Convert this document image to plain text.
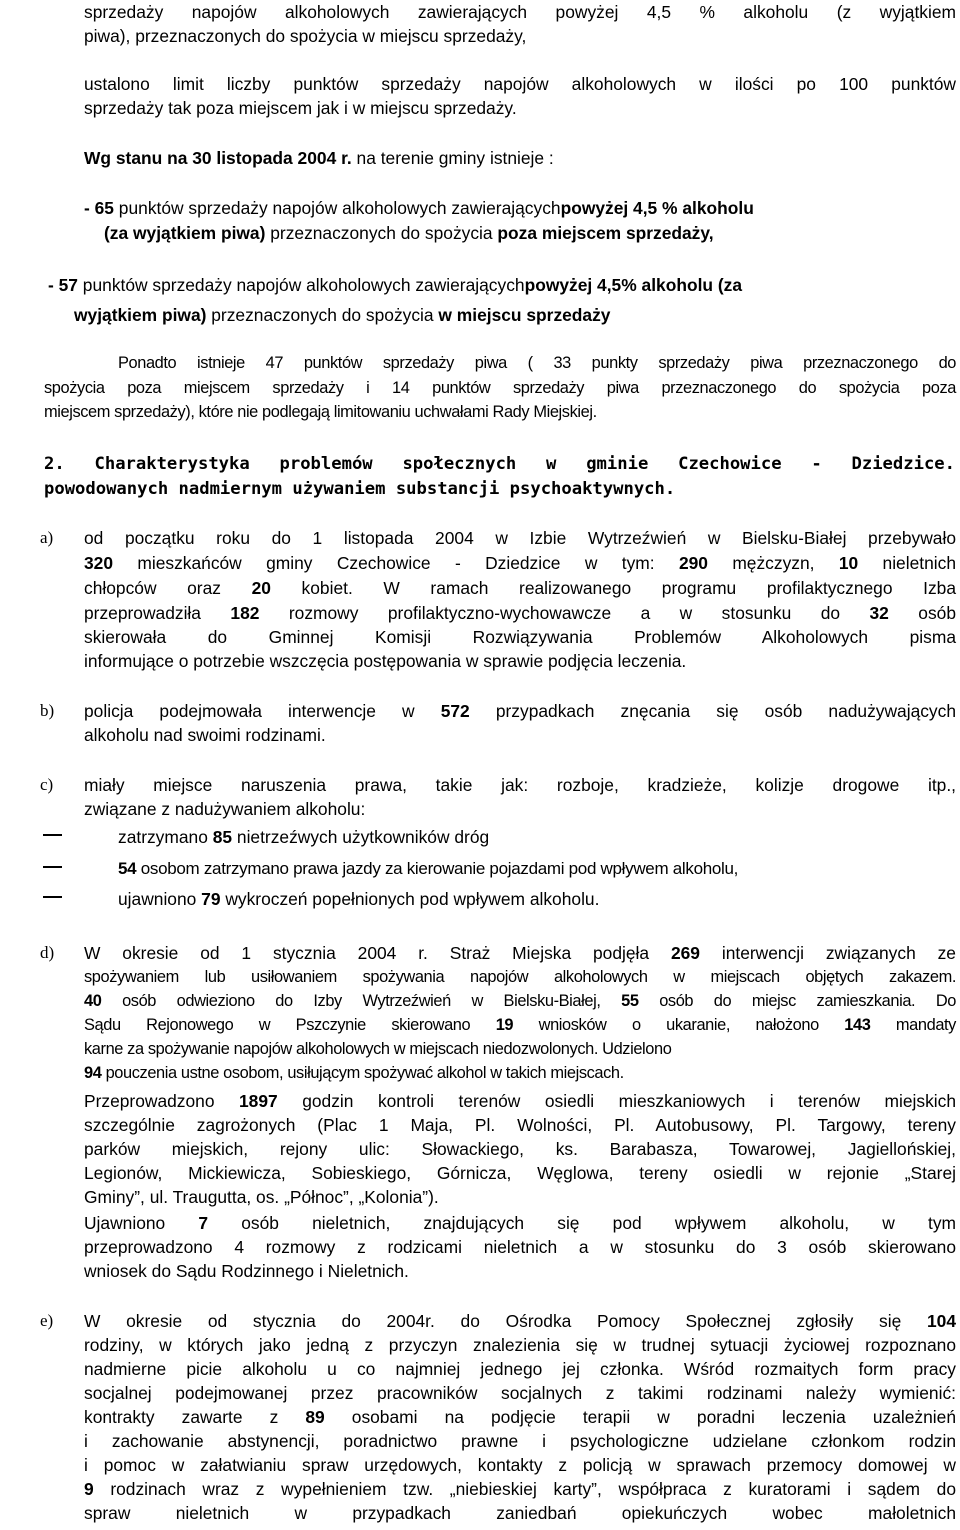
sprzedaży napojów alkoholowych zawierających powyżej 4,5 % alkoholu (z wyjątkiem
piwa), przeznaczonych do spożycia w miejscu sprzedaży,
ustalono limit liczby punktów sprzedaży napojów alkoholowych w ilości po 100 punktów
sprzedaży tak poza miejscem jak i w miejscu sprzedaży.
Wg stanu na 30 listopada 2004 r. na terenie gminy istnieje :
- 65 punktów sprzedaży napojów alkoholowych zawierającychpowyżej 4,5 % alkoholu
(za wyjątkiem piwa) przeznaczonych do spożycia poza miejscem sprzedaży,
- 57 punktów sprzedaży napojów alkoholowych zawierającychpowyżej 4,5% alkoholu (za
wyjątkiem piwa) przeznaczonych do spożycia w miejscu sprzedaży
Ponadto istnieje 47 punktów sprzedaży piwa ( 33 punkty sprzedaży piwa przeznaczonego do
spożycia poza miejscem sprzedaży i 14 punktów sprzedaży piwa przeznaczonego do spożycia poza
miejscem sprzedaży), które nie podlegają limitowaniu uchwałami Rady Miejskiej.
2. Charakterystyka problemów społecznych w gminie Czechowice - Dziedzice.
powodowanych nadmiernym używaniem substancji psychoaktywnych.
a) od początku roku do 1 listopada 2004 w Izbie Wytrzeźwień w Bielsku-Białej przebywało
320 mieszkańców gminy Czechowice - Dziedzice w tym: 290 mężczyzn, 10 nieletnich
chłopców oraz 20 kobiet. W ramach realizowanego programu profilaktycznego Izba
przeprowadziła 182 rozmowy profilaktyczno-wychowawcze a w stosunku do 32 osób
skierowała do Gminnej Komisji Rozwiązywania Problemów Alkoholowych pisma
informujące o potrzebie wszczęcia postępowania w sprawie podjęcia leczenia.
b) policja podejmowała interwencje w 572 przypadkach znęcania się osób nadużywających
alkoholu nad swoimi rodzinami.
c) miały miejsce naruszenia prawa, takie jak: rozboje, kradzieże, kolizje drogowe itp.,
związane z nadużywaniem alkoholu:
zatrzymano 85 nietrzeźwych użytkowników dróg
54 osobom zatrzymano prawa jazdy za kierowanie pojazdami pod wpływem alkoholu,
ujawniono 79 wykroczeń popełnionych pod wpływem alkoholu.
d) W okresie od 1 stycznia 2004 r. Straż Miejska podjęła 269 interwencji związanych ze
spożywaniem lub usiłowaniem spożywania napojów alkoholowych w miejscach objętych zakazem.
40 osób odwieziono do Izby Wytrzeźwień w Bielsku-Białej, 55 osób do miejsc zamieszkania. Do
Sądu Rejonowego w Pszczynie skierowano 19 wniosków o ukaranie, nałożono 143 mandaty
karne za spożywanie napojów alkoholowych w miejscach niedozwolonych. Udzielono
94 pouczenia ustne osobom, usiłującym spożywać alkohol w takich miejscach.
Przeprowadzono 1897 godzin kontroli terenów osiedli mieszkaniowych i terenów miejskich
szczególnie zagrożonych (Plac 1 Maja, Pl. Wolności, Pl. Autobusowy, Pl. Targowy, tereny
parków miejskich, rejony ulic: Słowackiego, ks. Barabasza, Towarowej, Jagiellońskiej,
Legionów, Mickiewicza, Sobieskiego, Górnicza, Węglowa, tereny osiedli w rejonie „Starej
Gminy”, ul. Traugutta, os. „Północ”, „Kolonia”).
Ujawniono 7 osób nieletnich, znajdujących się pod wpływem alkoholu, w tym
przeprowadzono 4 rozmowy z rodzicami nieletnich a w stosunku do 3 osób skierowano
wniosek do Sądu Rodzinnego i Nieletnich.
e) W okresie od stycznia do 2004r. do Ośrodka Pomocy Społecznej zgłosiły się 104
rodziny, w których jako jedną z przyczyn znalezienia się w trudnej sytuacji życiowej rozpoznano
nadmierne picie alkoholu u co najmniej jednego jej członka. Wśród rozmaitych form pracy
socjalnej podejmowanej przez pracowników socjalnych z takimi rodzinami należy wymienić:
kontrakty zawarte z 89 osobami na podjęcie terapii w poradni leczenia uzależnień
i zachowanie abstynencji, poradnictwo prawne i psychologiczne udzielane członkom rodzin
i pomoc w załatwianiu spraw urzędowych, kontakty z policją w sprawach przemocy domowej w
9 rodzinach wraz z wypełnieniem tzw. „niebieskiej karty”, współpraca z kuratorami i sądem do
spraw nieletnich w przypadkach zaniedbań opiekuńczych wobec małoletnich
